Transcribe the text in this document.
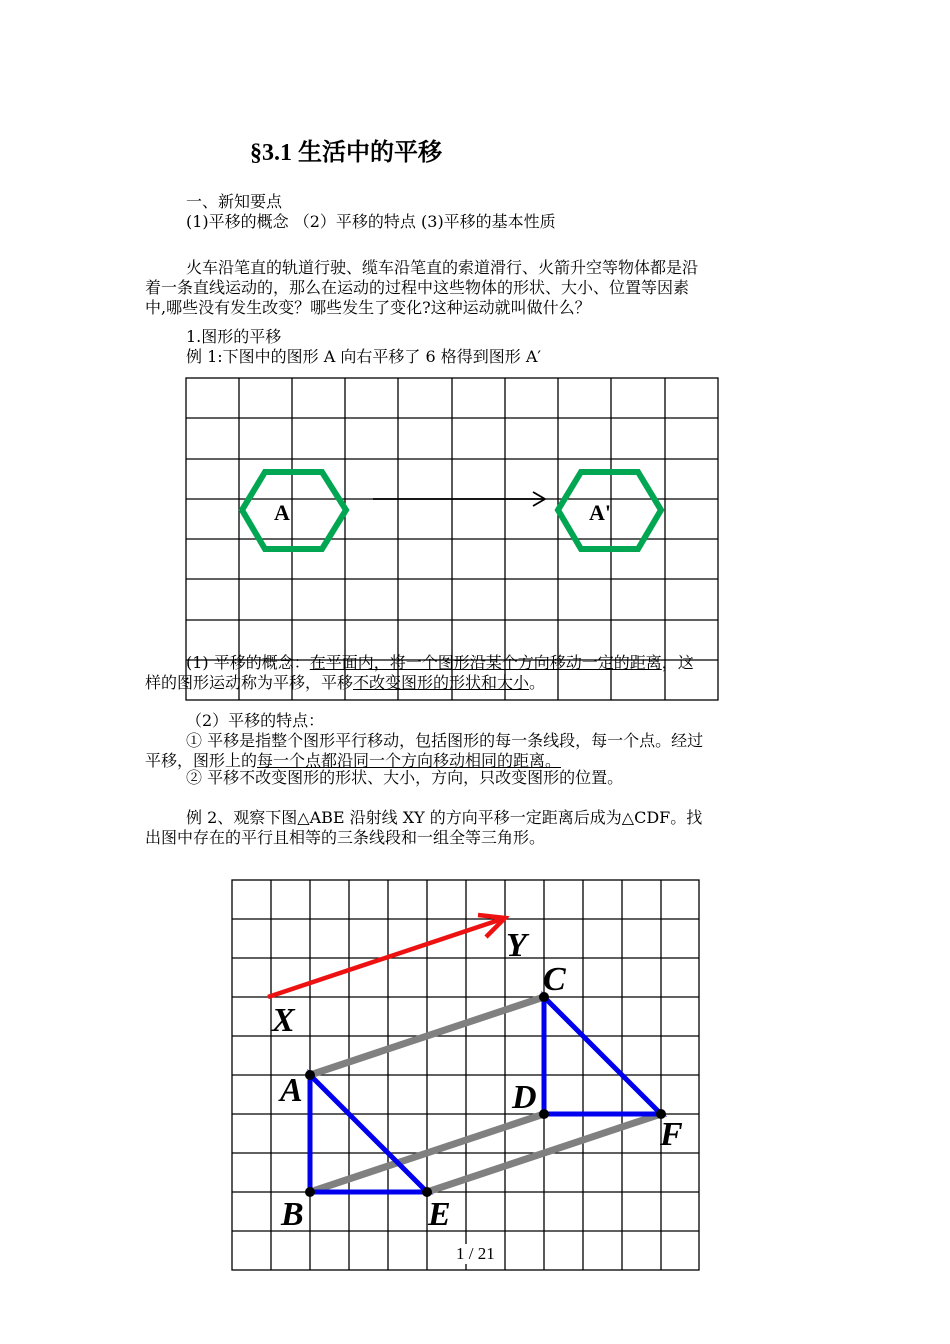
§3.1 生活中的平移
一、新知要点
(1)平移的概念 （2）平移的特点 (3)平移的基本性质
火车沿笔直的轨道行驶、缆车沿笔直的索道滑行、火箭升空等物体都是沿
着一条直线运动的，那么在运动的过程中这些物体的形状、大小、位置等因素
中,哪些没有发生改变？哪些发生了变化?这种运动就叫做什么？
1.图形的平移
例 1:下图中的图形 A 向右平移了 6 格得到图形 A′
A	A'
(1) 平移的概念：在平面内，将一个图形沿某个方向移动一定的距离，这
样的图形运动称为平移，平移不改变图形的形状和大小。
（2）平移的特点：
① 平移是指整个图形平行移动，包括图形的每一条线段，每一个点。经过
平移，图形上的每一个点都沿同一个方向移动相同的距离。
② 平移不改变图形的形状、大小，方向，只改变图形的位置。
例 2、观察下图△ABE 沿射线 XY 的方向平移一定距离后成为△CDF。找
出图中存在的平行且相等的三条线段和一组全等三角形。
X
Y
C
A	D
F
B	E
1 / 21
